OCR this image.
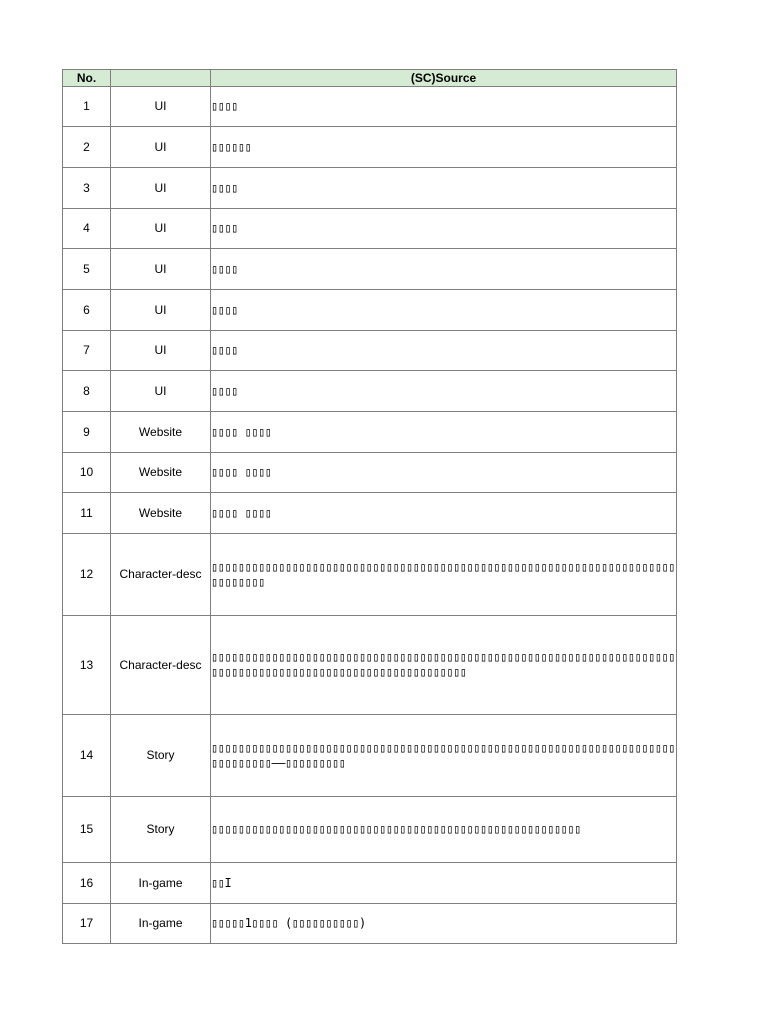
No.		(SC)Source
1	UI	▯▯▯▯
2	UI	▯▯▯▯▯▯
3	UI	▯▯▯▯
4	UI	▯▯▯▯
5	UI	▯▯▯▯
6	UI	▯▯▯▯
7	UI	▯▯▯▯
8	UI	▯▯▯▯
9	Website	▯▯▯▯ ▯▯▯▯
10	Website	▯▯▯▯ ▯▯▯▯
11	Website	▯▯▯▯ ▯▯▯▯
12	Character-desc	▯▯▯▯▯▯▯▯▯▯▯▯▯▯▯▯▯▯▯▯▯▯▯▯▯▯▯▯▯▯▯▯▯▯▯▯▯▯▯▯▯▯▯▯▯▯▯▯▯▯▯▯▯▯▯▯▯▯▯▯▯▯▯▯▯▯▯▯▯▯▯▯▯▯▯▯▯
13	Character-desc	▯▯▯▯▯▯▯▯▯▯▯▯▯▯▯▯▯▯▯▯▯▯▯▯▯▯▯▯▯▯▯▯▯▯▯▯▯▯▯▯▯▯▯▯▯▯▯▯▯▯▯▯▯▯▯▯▯▯▯▯▯▯▯▯▯▯▯▯▯▯▯▯▯▯▯▯▯▯▯▯▯▯▯▯▯▯▯▯▯▯▯▯▯▯▯▯▯▯▯▯▯▯▯▯▯▯▯
14	Story	▯▯▯▯▯▯▯▯▯▯▯▯▯▯▯▯▯▯▯▯▯▯▯▯▯▯▯▯▯▯▯▯▯▯▯▯▯▯▯▯▯▯▯▯▯▯▯▯▯▯▯▯▯▯▯▯▯▯▯▯▯▯▯▯▯▯▯▯▯▯▯▯▯▯▯▯▯▯——▯▯▯▯▯▯▯▯▯
15	Story	▯▯▯▯▯▯▯▯▯▯▯▯▯▯▯▯▯▯▯▯▯▯▯▯▯▯▯▯▯▯▯▯▯▯▯▯▯▯▯▯▯▯▯▯▯▯▯▯▯▯▯▯▯▯▯
16	In-game	▯▯I
17	In-game	▯▯▯▯▯1▯▯▯▯ (▯▯▯▯▯▯▯▯▯▯)
